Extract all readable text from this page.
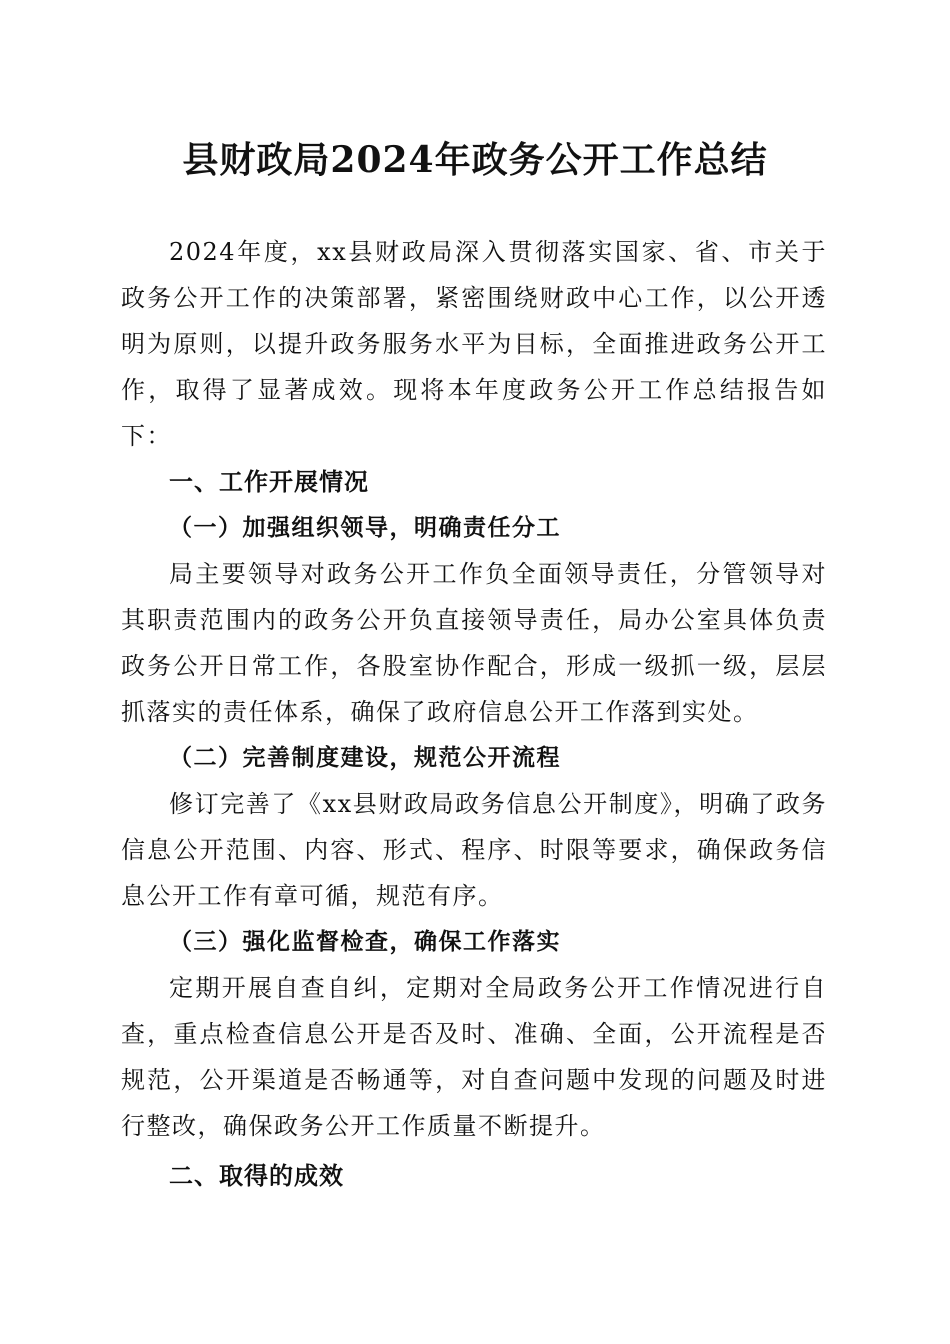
县财政局2024年政务公开工作总结

2024年度，xx县财政局深入贯彻落实国家、省、市关于政务公开工作的决策部署，紧密围绕财政中心工作，以公开透明为原则，以提升政务服务水平为目标，全面推进政务公开工作，取得了显著成效。现将本年度政务公开工作总结报告如下：

一、工作开展情况

（一）加强组织领导，明确责任分工

局主要领导对政务公开工作负全面领导责任，分管领导对其职责范围内的政务公开负直接领导责任，局办公室具体负责政务公开日常工作，各股室协作配合，形成一级抓一级，层层抓落实的责任体系，确保了政府信息公开工作落到实处。

（二）完善制度建设，规范公开流程

修订完善了《xx县财政局政务信息公开制度》，明确了政务信息公开范围、内容、形式、程序、时限等要求，确保政务信息公开工作有章可循，规范有序。

（三）强化监督检查，确保工作落实

定期开展自查自纠，定期对全局政务公开工作情况进行自查，重点检查信息公开是否及时、准确、全面，公开流程是否规范，公开渠道是否畅通等，对自查问题中发现的问题及时进行整改，确保政务公开工作质量不断提升。

二、取得的成效
